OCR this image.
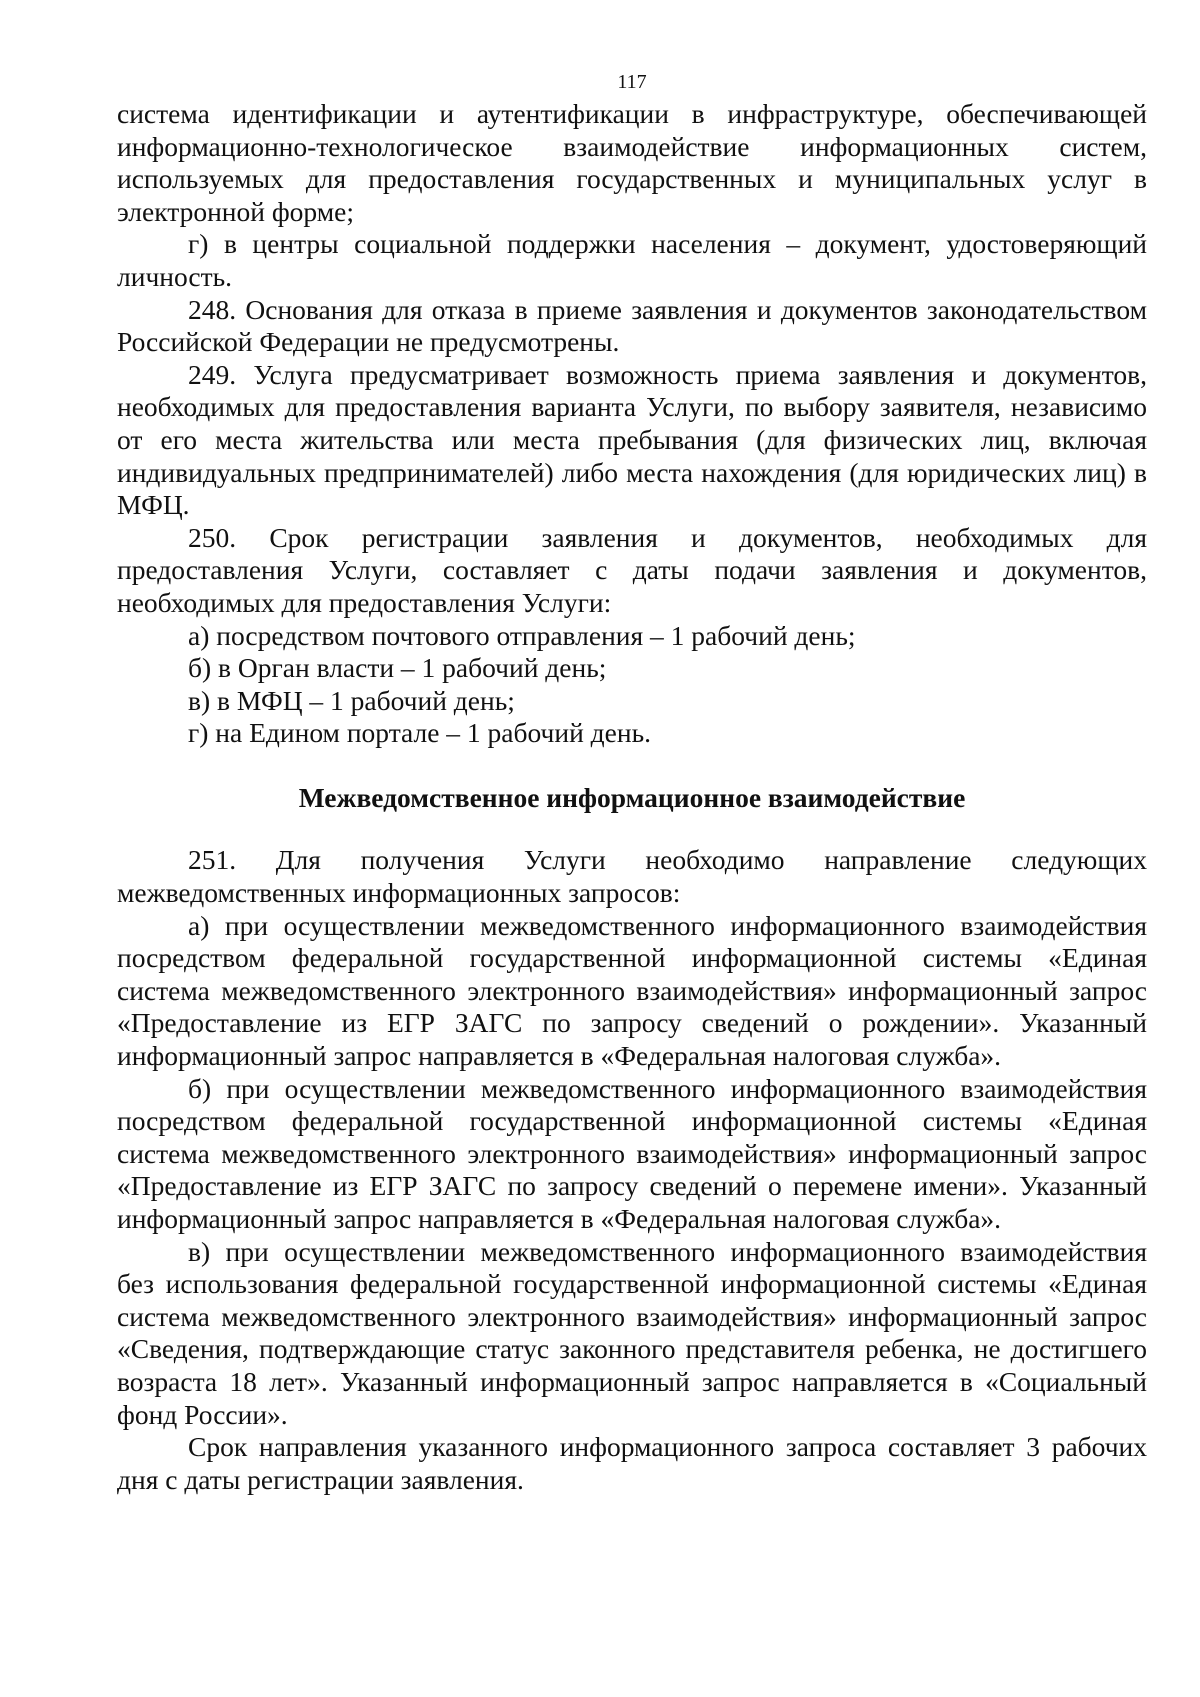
117

система идентификации и аутентификации в инфраструктуре, обеспечивающей информационно-технологическое взаимодействие информационных систем, используемых для предоставления государственных и муниципальных услуг в электронной форме;

г) в центры социальной поддержки населения – документ, удостоверяющий личность.

248. Основания для отказа в приеме заявления и документов законодательством Российской Федерации не предусмотрены.

249. Услуга предусматривает возможность приема заявления и документов, необходимых для предоставления варианта Услуги, по выбору заявителя, независимо от его места жительства или места пребывания (для физических лиц, включая индивидуальных предпринимателей) либо места нахождения (для юридических лиц) в МФЦ.

250. Срок регистрации заявления и документов, необходимых для предоставления Услуги, составляет с даты подачи заявления и документов, необходимых для предоставления Услуги:

а) посредством почтового отправления – 1 рабочий день;

б) в Орган власти – 1 рабочий день;

в) в МФЦ – 1 рабочий день;

г) на Едином портале – 1 рабочий день.

Межведомственное информационное взаимодействие

251. Для получения Услуги необходимо направление следующих межведомственных информационных запросов:

а) при осуществлении межведомственного информационного взаимодействия посредством федеральной государственной информационной системы «Единая система межведомственного электронного взаимодействия» информационный запрос «Предоставление из ЕГР ЗАГС по запросу сведений о рождении». Указанный информационный запрос направляется в «Федеральная налоговая служба».

б) при осуществлении межведомственного информационного взаимодействия посредством федеральной государственной информационной системы «Единая система межведомственного электронного взаимодействия» информационный запрос «Предоставление из ЕГР ЗАГС по запросу сведений о перемене имени». Указанный информационный запрос направляется в «Федеральная налоговая служба».

в) при осуществлении межведомственного информационного взаимодействия без использования федеральной государственной информационной системы «Единая система межведомственного электронного взаимодействия» информационный запрос «Сведения, подтверждающие статус законного представителя ребенка, не достигшего возраста 18 лет». Указанный информационный запрос направляется в «Социальный фонд России».

Срок направления указанного информационного запроса составляет 3 рабочих дня с даты регистрации заявления.
